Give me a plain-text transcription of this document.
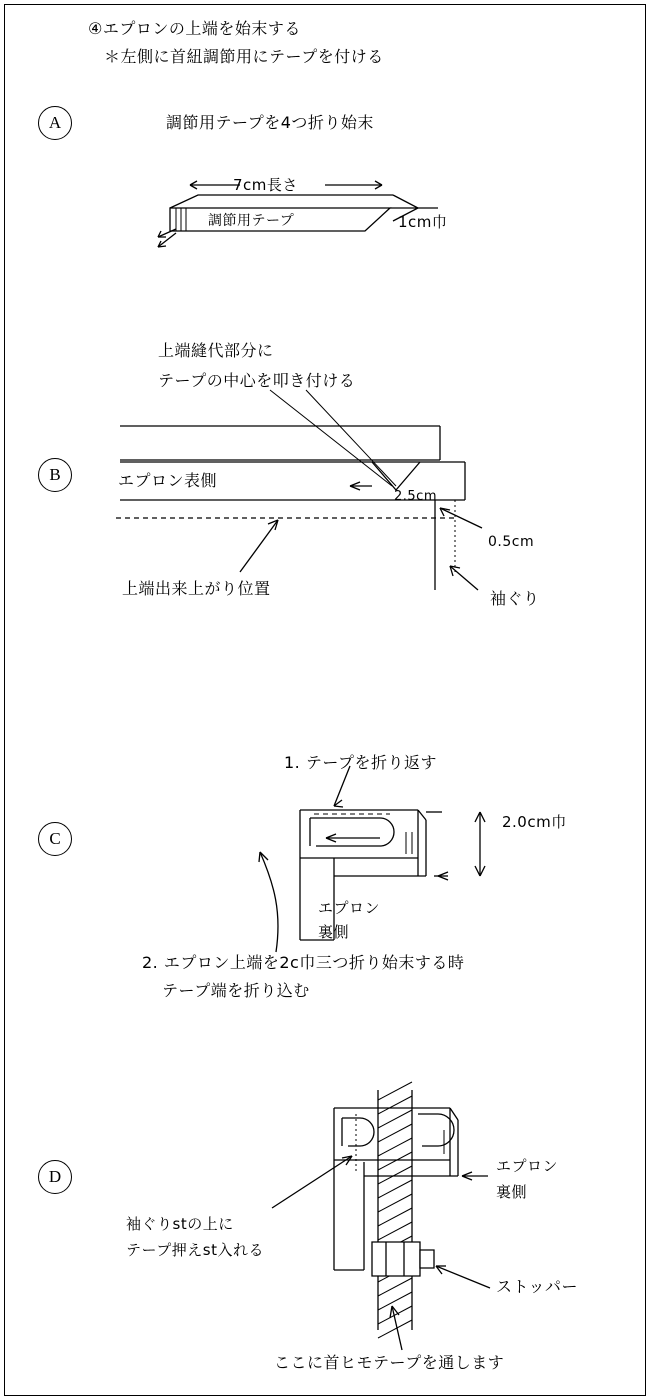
④エプロンの上端を始末する
＊左側に首紐調節用にテープを付ける
A	調節用テープを4つ折り始末
7cm長さ
調節用テープ	1cm巾
B
上端縫代部分に
テープの中心を叩き付ける
エプロン表側
2.5cm
0.5cm
上端出来上がり位置
袖ぐり
C
1. テープを折り返す
2.0cm巾
エプロン
裏側
2. エプロン上端を2c巾三つ折り始末する時
テープ端を折り込む
D
エプロン
裏側
袖ぐりstの上に
テープ押えst入れる
ストッパー
ここに首ヒモテープを通します
